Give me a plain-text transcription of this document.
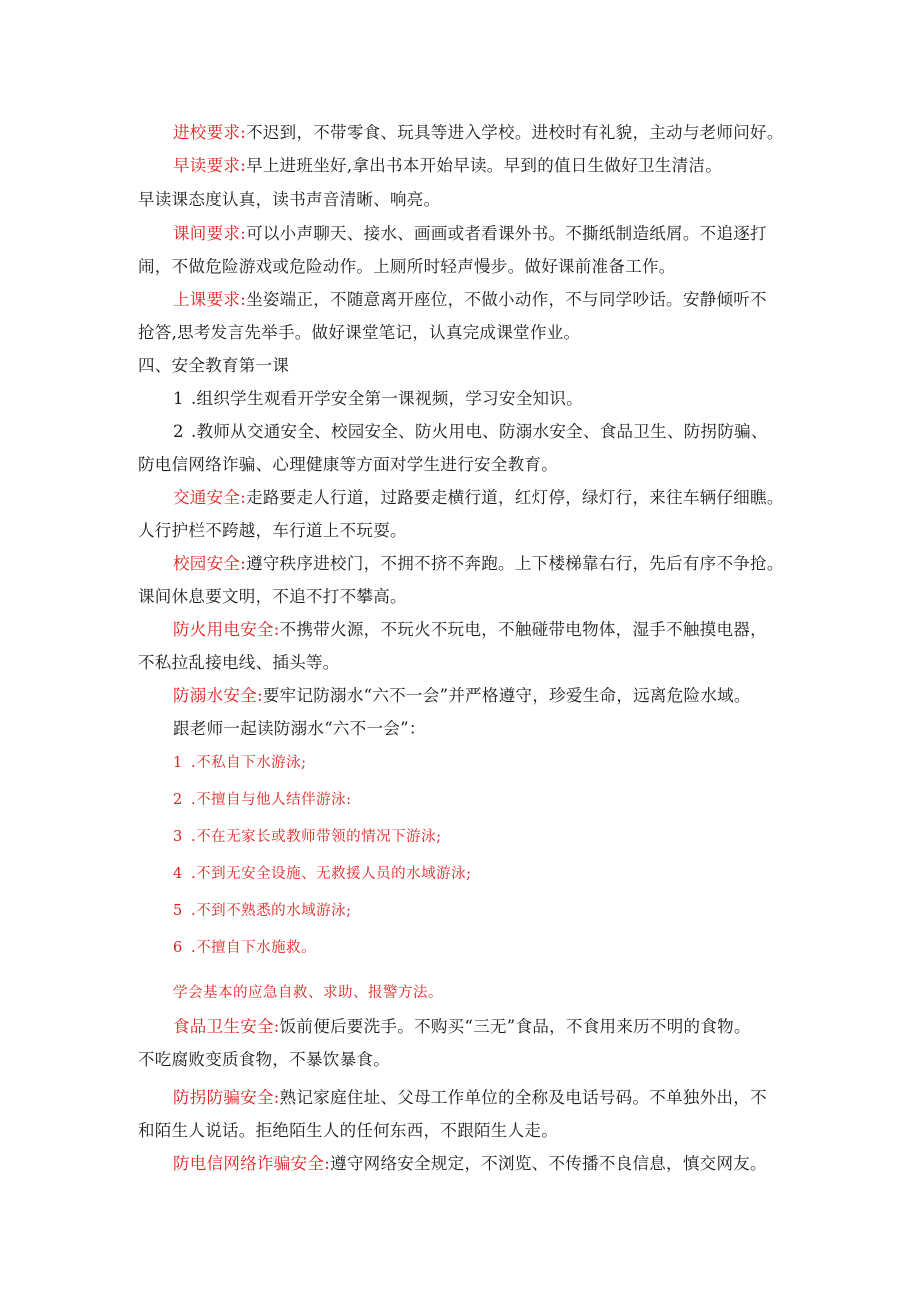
进校要求:不迟到，不带零食、玩具等进入学校。进校时有礼貌，主动与老师问好。
早读要求:早上进班坐好,拿出书本开始早读。早到的值日生做好卫生清洁。
早读课态度认真，读书声音清晰、响亮。
课间要求:可以小声聊天、接水、画画或者看课外书。不撕纸制造纸屑。不追逐打
闹，不做危险游戏或危险动作。上厕所时轻声慢步。做好课前准备工作。
上课要求:坐姿端正，不随意离开座位，不做小动作，不与同学吵话。安静倾听不
抢答,思考发言先举手。做好课堂笔记，认真完成课堂作业。
四、安全教育第一课
1 .组织学生观看开学安全第一课视频，学习安全知识。
2 .教师从交通安全、校园安全、防火用电、防溺水安全、食品卫生、防拐防骗、
防电信网络诈骗、心理健康等方面对学生进行安全教育。
交通安全:走路要走人行道，过路要走横行道，红灯停，绿灯行，来往车辆仔细瞧。
人行护栏不跨越，车行道上不玩耍。
校园安全:遵守秩序进校门，不拥不挤不奔跑。上下楼梯靠右行，先后有序不争抢。
课间休息要文明，不追不打不攀高。
防火用电安全:不携带火源，不玩火不玩电，不触碰带电物体，湿手不触摸电器，
不私拉乱接电线、插头等。
防溺水安全:要牢记防溺水“六不一会”并严格遵守，珍爱生命，远离危险水域。
跟老师一起读防溺水“六不一会”：
1 .不私自下水游泳;
2 .不擅自与他人结伴游泳:
3 .不在无家长或教师带领的情况下游泳;
4 .不到无安全设施、无救援人员的水域游泳;
5 .不到不熟悉的水域游泳;
6 .不擅自下水施救。
学会基本的应急自救、求助、报警方法。
食品卫生安全:饭前便后要洗手。不购买“三无”食品，不食用来历不明的食物。
不吃腐败变质食物，不暴饮暴食。
防拐防骗安全:熟记家庭住址、父母工作单位的全称及电话号码。不单独外出，不
和陌生人说话。拒绝陌生人的任何东西，不跟陌生人走。
防电信网络诈骗安全:遵守网络安全规定，不浏览、不传播不良信息，慎交网友。
